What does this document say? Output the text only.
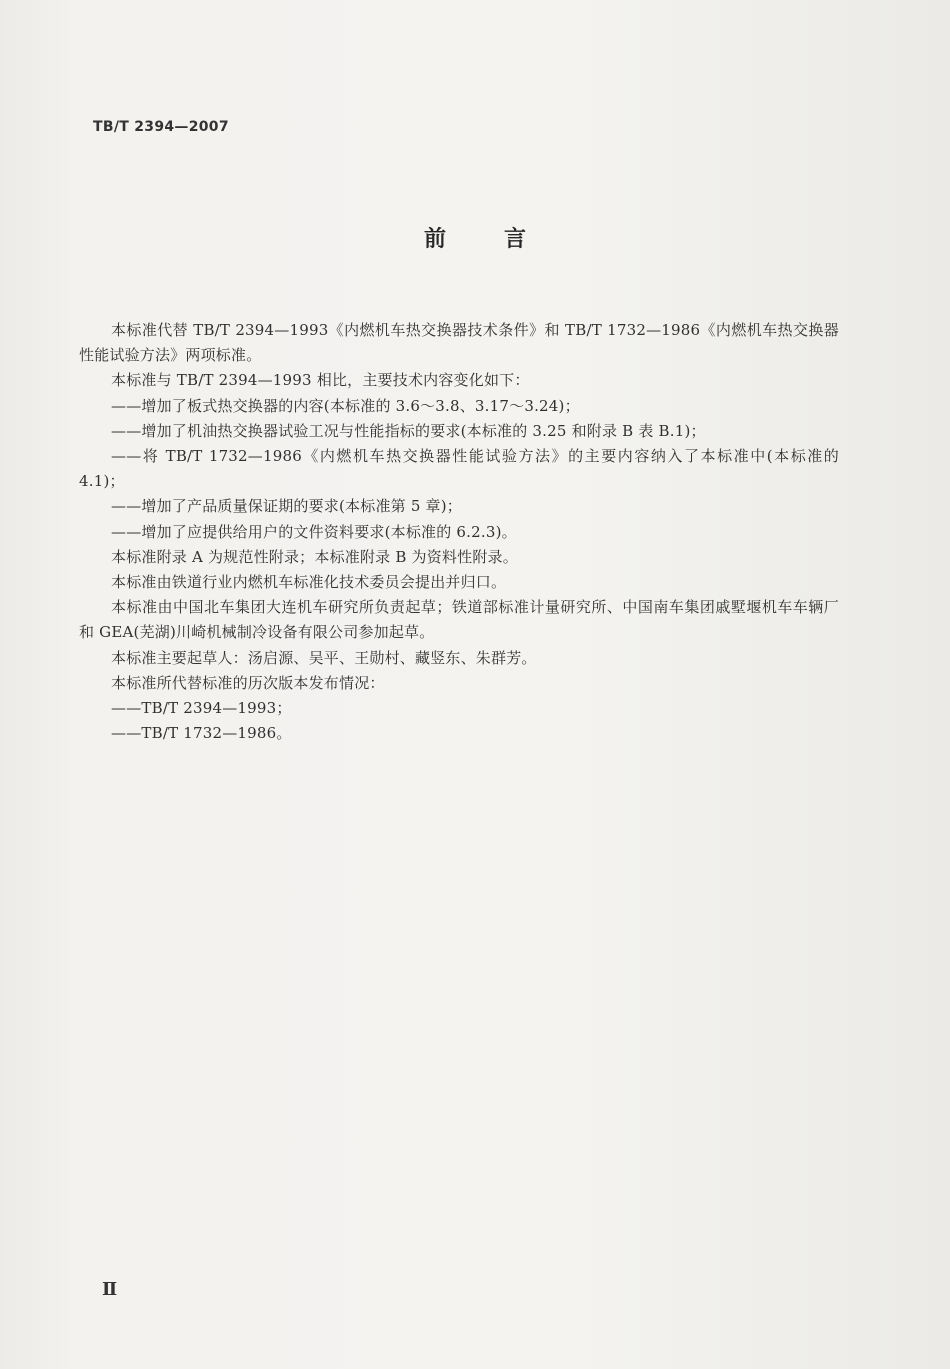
TB/T 2394—2007
前言

本标准代替 TB/T 2394—1993《内燃机车热交换器技术条件》和 TB/T 1732—1986《内燃机车热交换器性能试验方法》两项标准。

本标准与 TB/T 2394—1993 相比，主要技术内容变化如下：

——增加了板式热交换器的内容(本标准的 3.6～3.8、3.17～3.24)；

——增加了机油热交换器试验工况与性能指标的要求(本标准的 3.25 和附录 B 表 B.1)；

——将 TB/T 1732—1986《内燃机车热交换器性能试验方法》的主要内容纳入了本标准中(本标准的 4.1)；

——增加了产品质量保证期的要求(本标准第 5 章)；

——增加了应提供给用户的文件资料要求(本标准的 6.2.3)。

本标准附录 A 为规范性附录；本标准附录 B 为资料性附录。

本标准由铁道行业内燃机车标准化技术委员会提出并归口。

本标准由中国北车集团大连机车研究所负责起草；铁道部标准计量研究所、中国南车集团戚墅堰机车车辆厂和 GEA(芜湖)川崎机械制冷设备有限公司参加起草。

本标准主要起草人：汤启源、吴平、王勋村、藏竖东、朱群芳。

本标准所代替标准的历次版本发布情况：

——TB/T 2394—1993；

——TB/T 1732—1986。

Ⅱ
